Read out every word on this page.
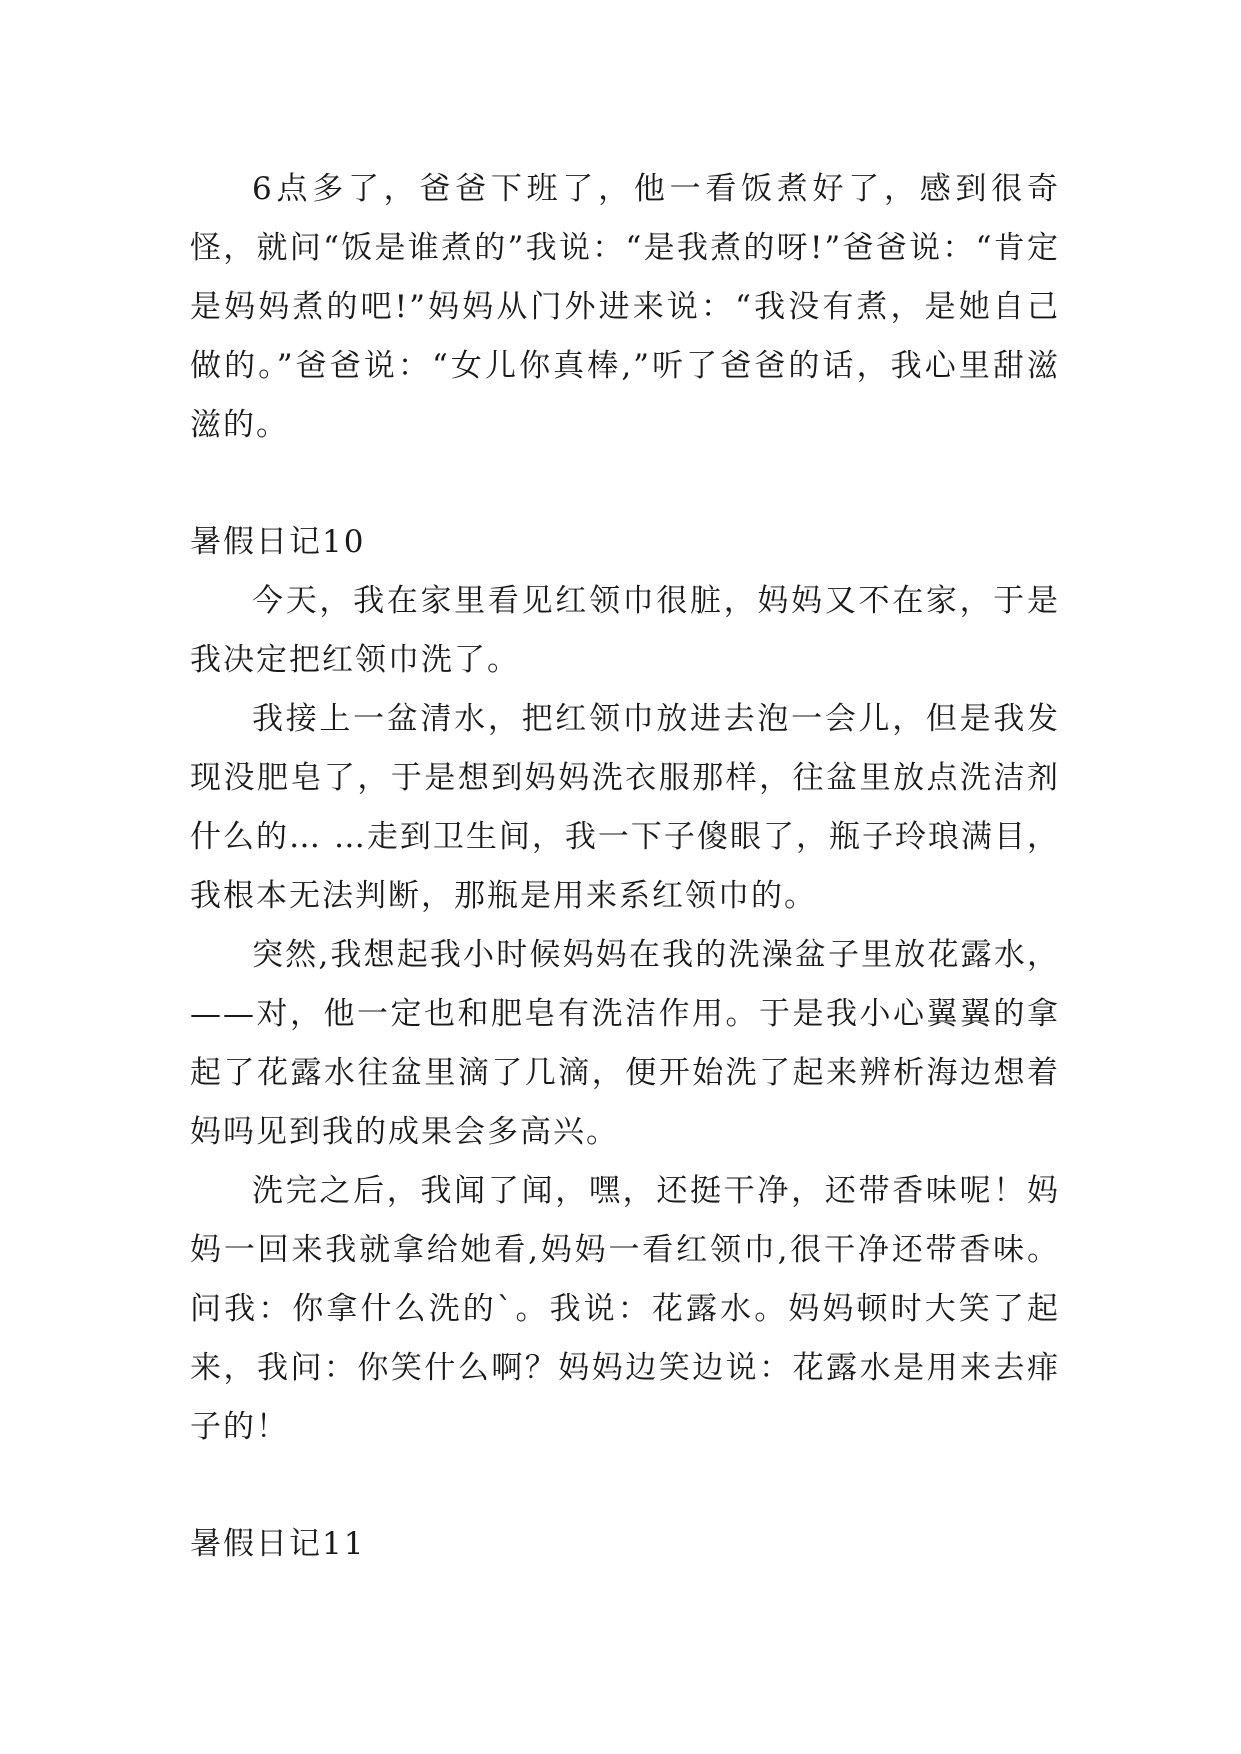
6点多了，爸爸下班了，他一看饭煮好了，感到很奇怪，就问“饭是谁煮的”我说：“是我煮的呀!”爸爸说：“肯定是妈妈煮的吧!”妈妈从门外进来说：“我没有煮，是她自己做的。”爸爸说：“女儿你真棒,”听了爸爸的话，我心里甜滋滋的。

暑假日记10

今天，我在家里看见红领巾很脏，妈妈又不在家，于是我决定把红领巾洗了。

我接上一盆清水，把红领巾放进去泡一会儿，但是我发现没肥皂了，于是想到妈妈洗衣服那样，往盆里放点洗洁剂什么的… …走到卫生间，我一下子傻眼了，瓶子玲琅满目，我根本无法判断，那瓶是用来系红领巾的。

突然,我想起我小时候妈妈在我的洗澡盆子里放花露水，——对，他一定也和肥皂有洗洁作用。于是我小心翼翼的拿起了花露水往盆里滴了几滴，便开始洗了起来辨析海边想着妈吗见到我的成果会多高兴。

洗完之后，我闻了闻，嘿，还挺干净，还带香味呢！妈妈一回来我就拿给她看,妈妈一看红领巾,很干净还带香味。问我：你拿什么洗的`。我说：花露水。妈妈顿时大笑了起来，我问：你笑什么啊？妈妈边笑边说：花露水是用来去痱子的！

暑假日记11
